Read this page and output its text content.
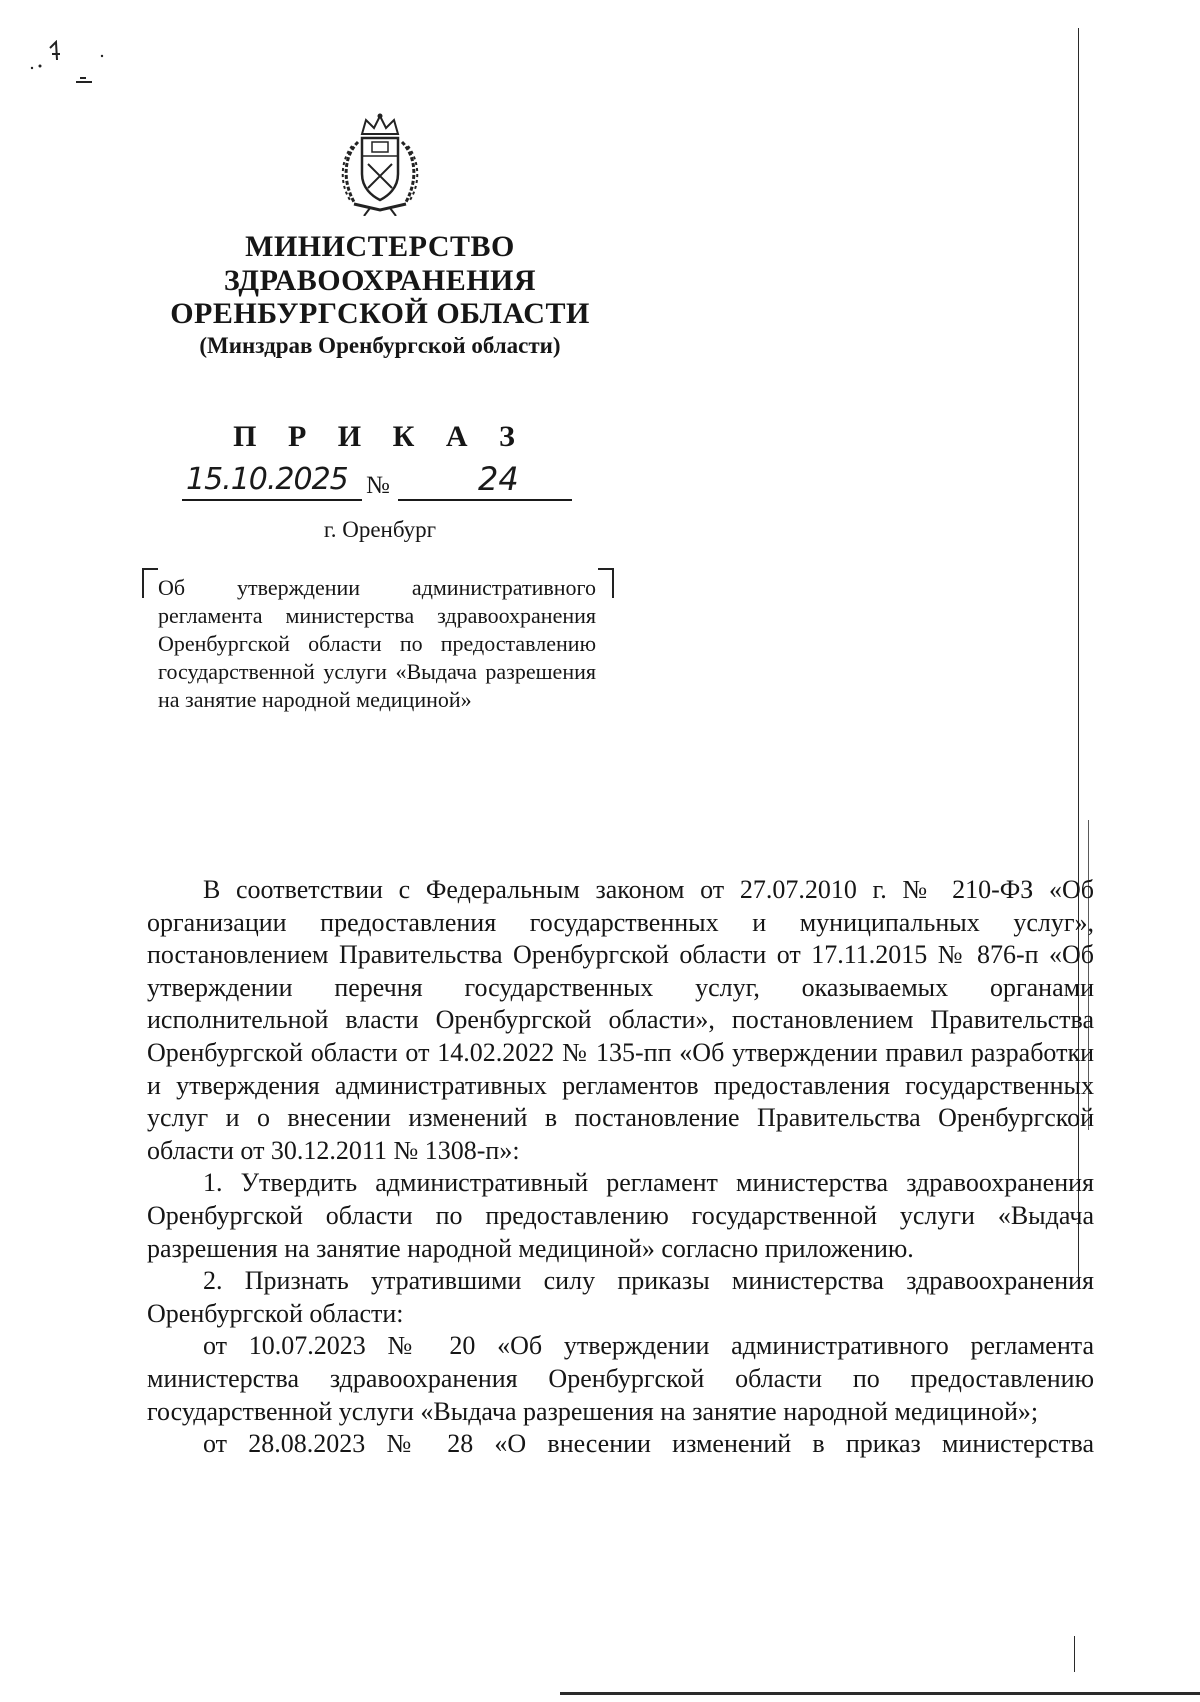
МИНИСТЕРСТВО
ЗДРАВООХРАНЕНИЯ
ОРЕНБУРГСКОЙ ОБЛАСТИ
(Минздрав Оренбургской области)
П Р И К А З
15.10.2025 №	24
г. Оренбург
Об утверждении административного регламента министерства здравоохранения Оренбургской области по предоставлению государственной услуги «Выдача разрешения на занятие народной медициной»

В соответствии с Федеральным законом от 27.07.2010 г. № 210-ФЗ «Об организации предоставления государственных и муниципальных услуг», постановлением Правительства Оренбургской области от 17.11.2015 № 876-п «Об утверждении перечня государственных услуг, оказываемых органами исполнительной власти Оренбургской области», постановлением Правительства Оренбургской области от 14.02.2022 № 135-пп «Об утверждении правил разработки и утверждения административных регламентов предоставления государственных услуг и о внесении изменений в постановление Правительства Оренбургской области от 30.12.2011 № 1308-п»:

1. Утвердить административный регламент министерства здравоохранения Оренбургской области по предоставлению государственной услуги «Выдача разрешения на занятие народной медициной» согласно приложению.

2. Признать утратившими силу приказы министерства здравоохранения Оренбургской области:

от 10.07.2023 № 20 «Об утверждении административного регламента министерства здравоохранения Оренбургской области по предоставлению государственной услуги «Выдача разрешения на занятие народной медициной»;

от 28.08.2023 № 28 «О внесении изменений в приказ министерства
